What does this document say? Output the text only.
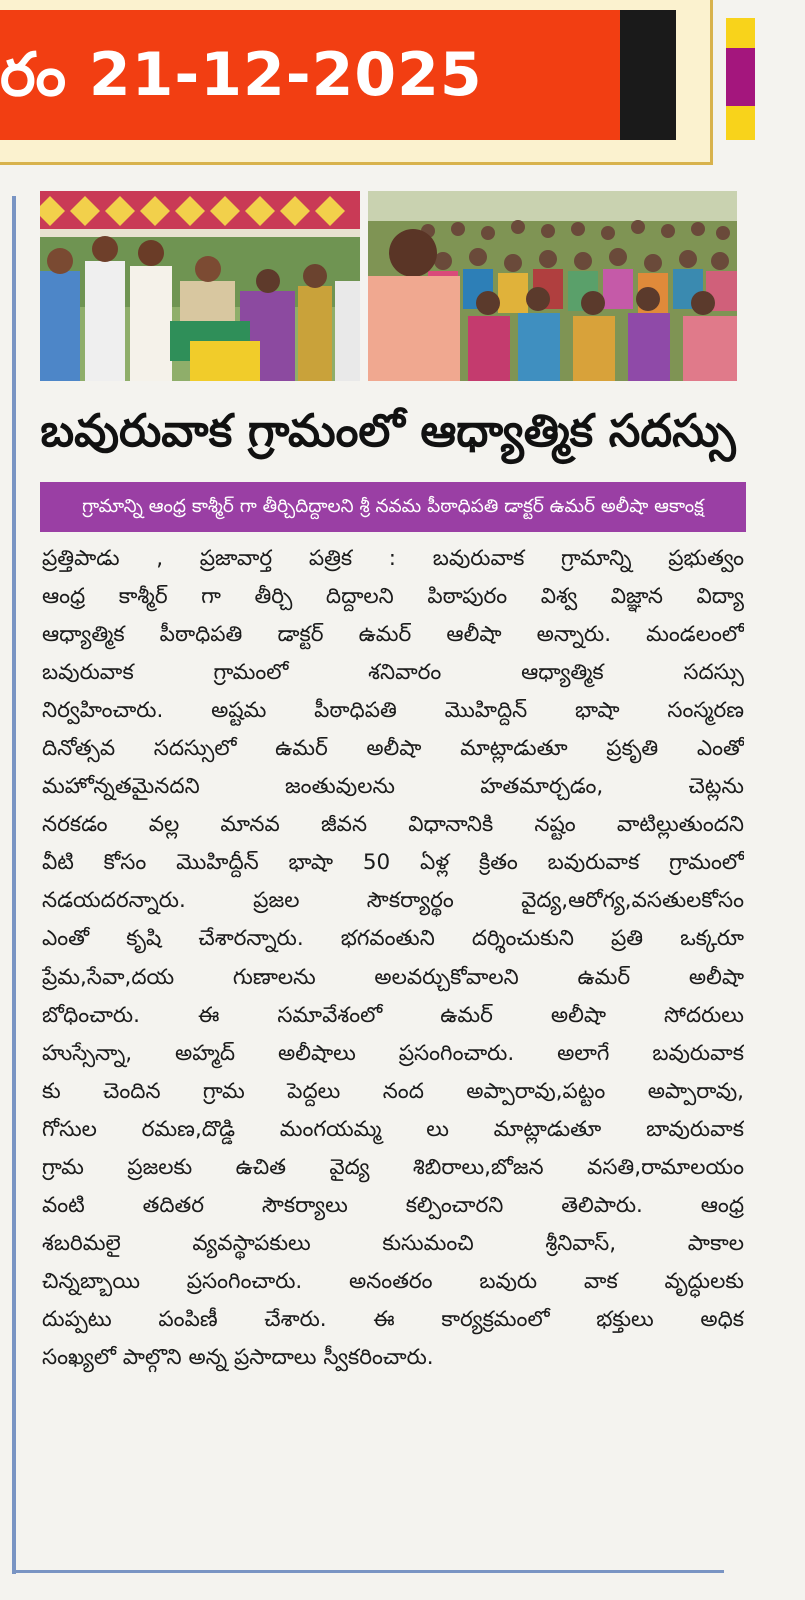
రం 21-12-2025
బవురువాక గ్రామంలో ఆధ్యాత్మిక సదస్సు
గ్రామాన్ని ఆంధ్ర కాశ్మీర్ గా తీర్చిదిద్దాలని శ్రీ నవమ పీఠాధిపతి డాక్టర్ ఉమర్ అలీషా ఆకాంక్ష
ప్రత్తిపాడు , ప్రజావార్త పత్రిక : బవురువాక గ్రామాన్ని ప్రభుత్వం
ఆంధ్ర కాశ్మీర్ గా తీర్చి దిద్దాలని పిఠాపురం విశ్వ విజ్ఞాన విద్యా
ఆధ్యాత్మిక పీఠాధిపతి డాక్టర్ ఉమర్ ఆలీషా అన్నారు. మండలంలో
బవురువాక గ్రామంలో శనివారం ఆధ్యాత్మిక సదస్సు
నిర్వహించారు. అష్టమ పీఠాధిపతి మొహిద్దిన్ భాషా సంస్మరణ
దినోత్సవ సదస్సులో ఉమర్ అలీషా మాట్లాడుతూ ప్రకృతి ఎంతో
మహోన్నతమైనదని జంతువులను హతమార్చడం, చెట్లను
నరకడం వల్ల మానవ జీవన విధానానికి నష్టం వాటిల్లుతుందని
వీటి కోసం మొహిద్దీన్ భాషా 50 ఏళ్ల క్రితం బవురువాక గ్రామంలో
నడయదరన్నారు. ప్రజల సౌకర్యార్థం వైద్య,ఆరోగ్య,వసతులకోసం
ఎంతో కృషి చేశారన్నారు. భగవంతుని దర్శించుకుని ప్రతి ఒక్కరూ
ప్రేమ,సేవా,దయ గుణాలను అలవర్చుకోవాలని ఉమర్ అలీషా
బోధించారు. ఈ సమావేశంలో ఉమర్ అలీషా సోదరులు
హుస్సేన్నా, అహ్మద్ అలీషాలు ప్రసంగించారు. అలాగే బవురువాక
కు చెందిన గ్రామ పెద్దలు నంద అప్పారావు,పట్టం అప్పారావు,
గోసుల రమణ,దొడ్డి మంగయమ్మ లు మాట్లాడుతూ బావురువాక
గ్రామ ప్రజలకు ఉచిత వైద్య శిబిరాలు,బోజన వసతి,రామాలయం
వంటి తదితర సౌకర్యాలు కల్పించారని తెలిపారు. ఆంధ్ర
శబరిమలై వ్యవస్థాపకులు కుసుమంచి శ్రీనివాస్, పాకాల
చిన్నబ్బాయి ప్రసంగించారు. అనంతరం బవురు వాక వృద్ధులకు
దుప్పటు పంపిణీ చేశారు. ఈ కార్యక్రమంలో భక్తులు అధిక
సంఖ్యలో పాల్గొని అన్న ప్రసాదాలు స్వీకరించారు.
